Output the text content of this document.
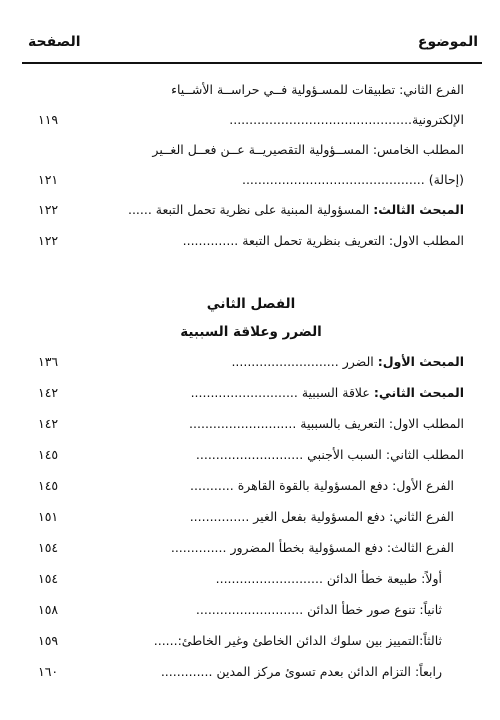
الموضوع
الصفحة
الفرع الثاني: تطبيقات للمسـؤولية فــي حراســة الأشــياء
الإلكترونية..............................................
١١٩
المطلب الخامس: المســؤولية التقصيريــة عــن فعــل الغــير
(إحالة) ..............................................
١٢١
المبحث الثالث: المسؤولية المبنية على نظرية تحمل التبعة ......
١٢٢
المطلب الاول: التعريف بنظرية تحمل التبعة ..............
١٢٢
الفصل الثاني
الضرر وعلاقة السببية
المبحث الأول: الضرر ...........................
١٣٦
المبحث الثاني: علاقة السببية ...........................
١٤٢
المطلب الاول: التعريف بالسببية ...........................
١٤٢
المطلب الثاني: السبب الأجنبي ...........................
١٤٥
الفرع الأول: دفع المسؤولية بالقوة القاهرة ...........
١٤٥
الفرع الثاني: دفع المسؤولية بفعل الغير ...............
١٥١
الفرع الثالث: دفع المسؤولية بخطأ المضرور ..............
١٥٤
أولاً: طبيعة خطأ الدائن ...........................
١٥٤
ثانياً: تنوع صور خطأ الدائن ...........................
١٥٨
ثالثاً:التمييز بين سلوك الدائن الخاطئ وغير الخاطئ:......
١٥٩
رابعاً: التزام الدائن بعدم تسوئ مركز المدين .............
١٦٠
